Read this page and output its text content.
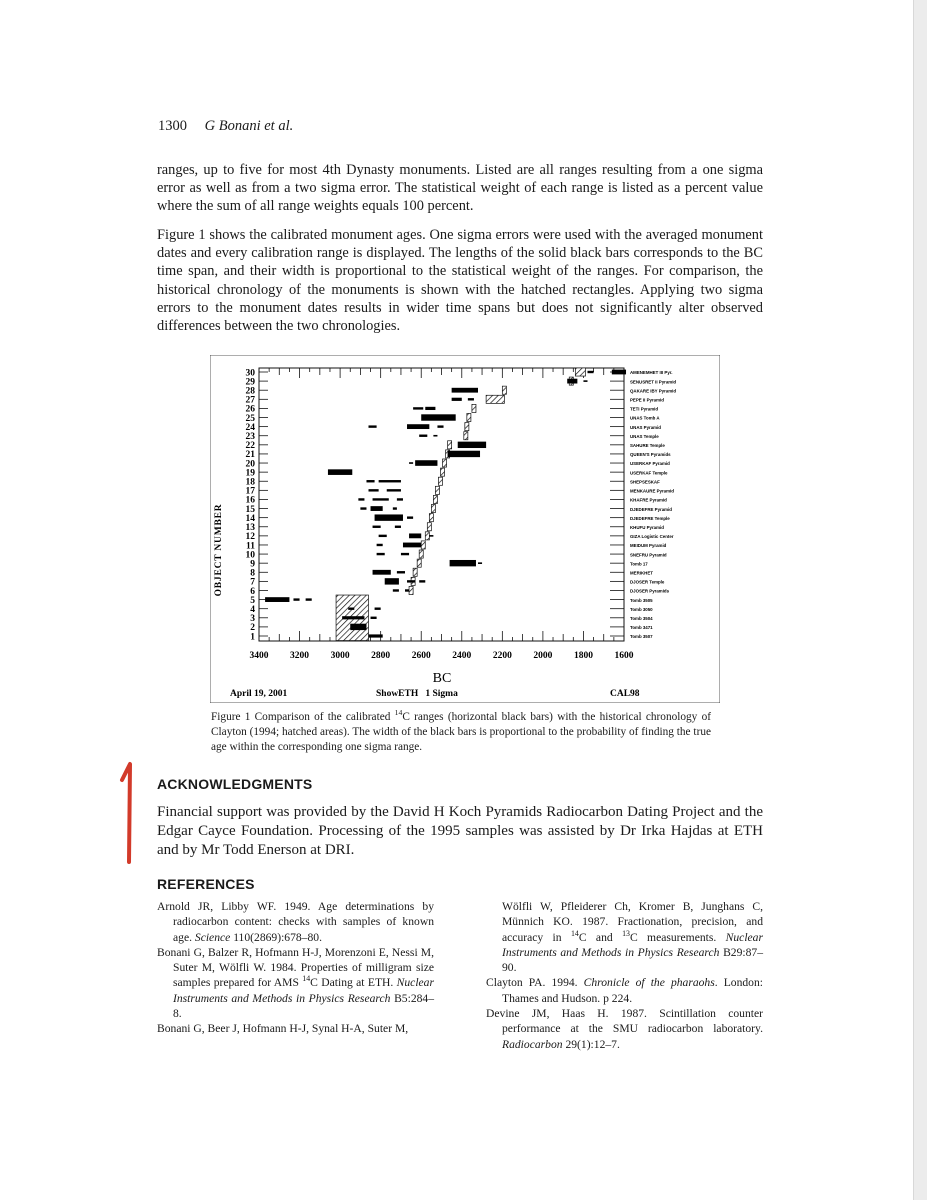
1300 G Bonani et al.

ranges, up to five for most 4th Dynasty monuments. Listed are all ranges resulting from a one sigma error as well as from a two sigma error. The statistical weight of each range is listed as a percent value where the sum of all range weights equals 100 percent.

Figure 1 shows the calibrated monument ages. One sigma errors were used with the averaged monument dates and every calibration range is displayed. The lengths of the solid black bars corresponds to the BC time span, and their width is proportional to the statistical weight of the ranges. For comparison, the historical chronology of the monuments is shown with the hatched rectangles. Applying two sigma errors to the monument dates results in wider time spans but does not significantly alter observed differences between the two chronologies.

3400 3200 3000 2800 2600 2400 2200 2000 1800 1600
1	Tomb 3507
2	Tomb 3471
3	Tomb 3504
4	Tomb 3050
5	Tomb 3505
6	DJOSER Pyramids
7	DJOSER Temple
8	MERIKHET
9	Tomb 17
10	SNEFRU Pyramid
11	MEIDUM Pyramid
12	GIZA Logistic Center
13	KHUFU Pyramid
14	DJEDEFRE Temple
15	DJEDEFRE Pyramid
16	KHAFRE Pyramid
17	MENKAURE Pyramid
18	SHEPSESKAF
19	USERKAF Temple
20	USERKAF Pyramid
21	QUEEN'S Pyramids
22	SAHURE Temple
23	UNAS Temple
24	UNAS Pyramid
25	UNAS Tomb A
26	TETI Pyramid
27	PEPE II Pyramid
28	QAKARE IBY Pyramid
29	SENUSRET II Pyramid
30	AMENEMHET III Pyr.
OBJECT NUMBER
BC
April 19, 2001	ShowETH   1 Sigma	CAL98

Figure 1 Comparison of the calibrated $^{14}$C ranges (horizontal black bars) with the historical chronology of Clayton (1994; hatched areas). The width of the black bars is proportional to the probability of finding the true age within the corresponding one sigma range.

ACKNOWLEDGMENTS

Financial support was provided by the David H Koch Pyramids Radiocarbon Dating Project and the Edgar Cayce Foundation. Processing of the 1995 samples was assisted by Dr Irka Hajdas at ETH and by Mr Todd Enerson at DRI.

REFERENCES

Arnold JR, Libby WF. 1949. Age determinations by radiocarbon content: checks with samples of known age. Science 110(2869):678–80.

Bonani G, Balzer R, Hofmann H-J, Morenzoni E, Nessi M, Suter M, Wölfli W. 1984. Properties of milligram size samples prepared for AMS $^{14}$C Dating at ETH. Nuclear Instruments and Methods in Physics Research B5:284–8.

Bonani G, Beer J, Hofmann H-J, Synal H-A, Suter M,

Wölfli W, Pfleiderer Ch, Kromer B, Junghans C, Münnich KO. 1987. Fractionation, precision, and accuracy in $^{14}$C and $^{13}$C measurements. Nuclear Instruments and Methods in Physics Research B29:87–90.

Clayton PA. 1994. Chronicle of the pharaohs. London: Thames and Hudson. p 224.

Devine JM, Haas H. 1987. Scintillation counter performance at the SMU radiocarbon laboratory. Radiocarbon 29(1):12–7.
